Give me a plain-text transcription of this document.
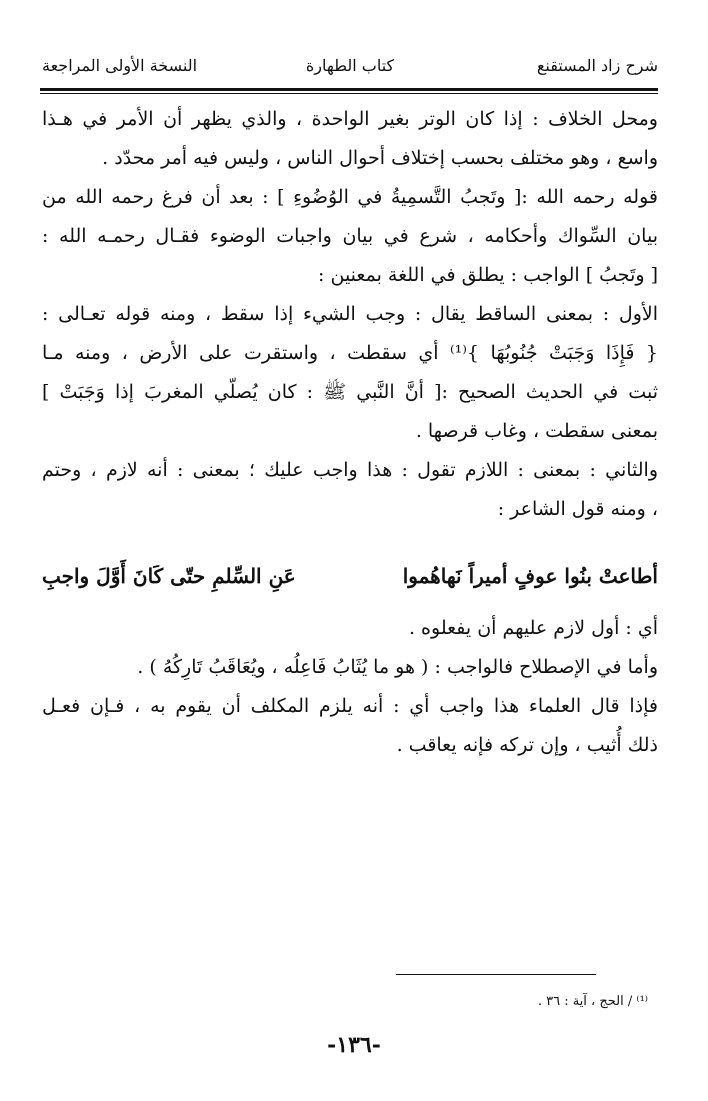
شرح زاد المستقنع
كتاب الطهارة
النسخة الأولى المراجعة
ومحل الخلاف : إذا كان الوتر بغير الواحدة ، والذي يظهر أن الأمر في هـذا
واسع ، وهو مختلف بحسب إختلاف أحوال الناس ، وليس فيه أمر محدّد .
قوله رحمه الله :[ وتَجبُ التَّسمِيةُ في الوُضُوءِ ] : بعد أن فرغ رحمه الله من
بيان السِّواك وأحكامه ، شرع في بيان واجبات الوضوء فقـال رحمـه الله :
[ وتَجبُ ] الواجب : يطلق في اللغة بمعنين :
الأول : بمعنى الساقط يقال : وجب الشيء إذا سقط ، ومنه قوله تعـالى :
{ فَإِذَا وَجَبَتْ جُنُوبُهَا }⁽¹⁾ أي سقطت ، واستقرت على الأرض ، ومنه مـا
ثبت في الحديث الصحيح :[ أنَّ النَّبي ﷺ : كان يُصلّي المغربَ إذا وَجَبَتْ ]
بمعنى سقطت ، وغاب قرصها .
والثاني : بمعنى : اللازم تقول : هذا واجب عليك ؛ بمعنى : أنه لازم ، وحتم
، ومنه قول الشاعر :
أطاعتْ بنُوا عوفٍ أميراً نَهاهُموا
عَنِ السِّلمِ حتّى كَانَ أَوَّلَ واجبِ
أي : أول لازم عليهم أن يفعلوه .
وأما في الإصطلاح فالواجب : ( هو ما يُثَابُ فَاعِلُه ، ويُعَاقَبُ تَارِكُهُ ) .
فإذا قال العلماء هذا واجب أي : أنه يلزم المكلف أن يقوم به ، فـإن فعـل
ذلك أُثيب ، وإن تركه فإنه يعاقب .
⁽¹⁾ / الحج ، آية : ٣٦ .
-١٣٦-
